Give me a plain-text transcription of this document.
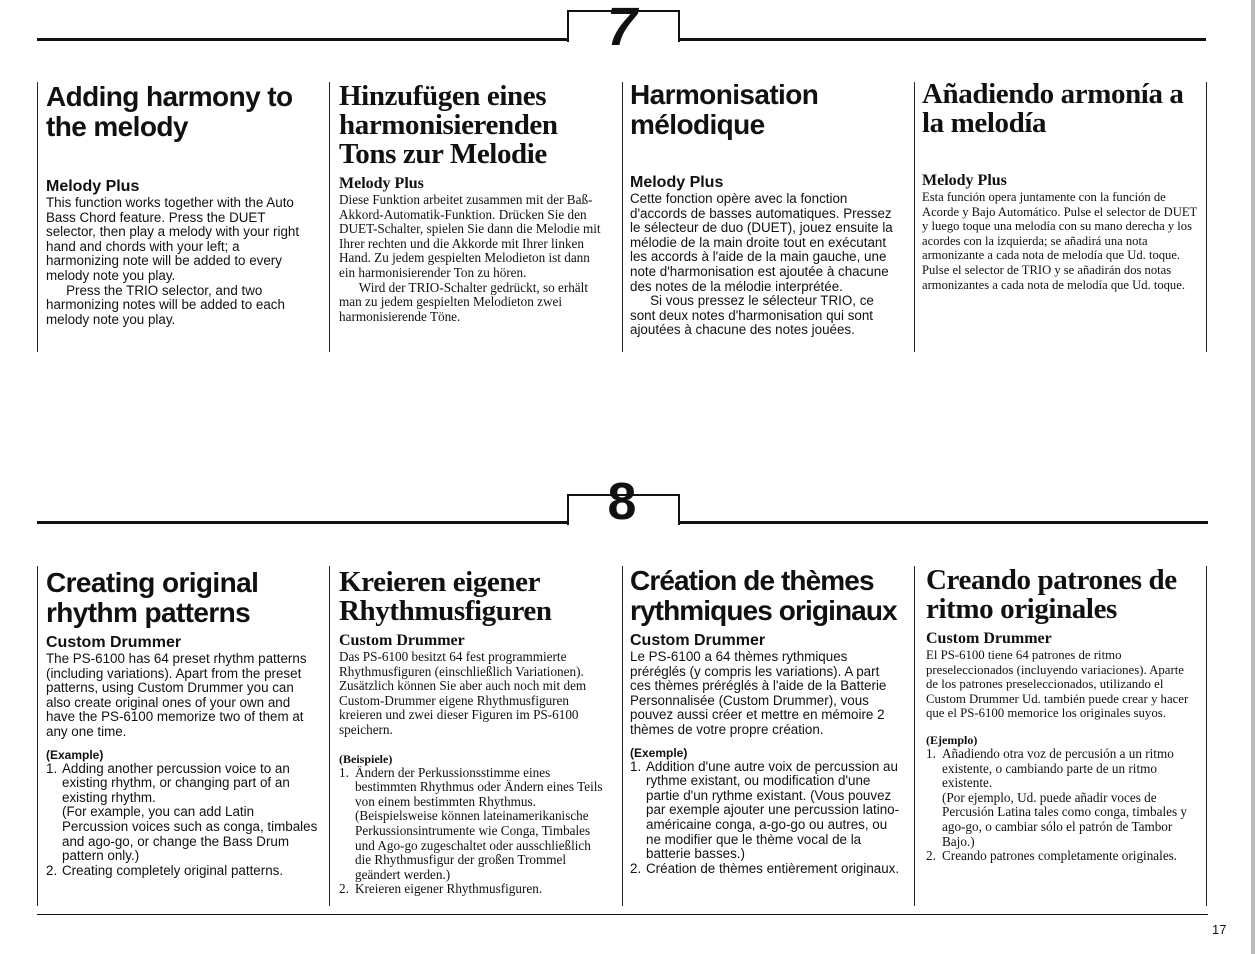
7
Adding harmony to the melody
Melody Plus

This function works together with the Auto Bass Chord feature. Press the DUET selector, then play a melody with your right hand and chords with your left; a harmonizing note will be added to every melody note you play.

Press the TRIO selector, and two harmonizing notes will be added to each melody note you play.

Hinzufügen eines harmonisierenden Tons zur Melodie
Melody Plus

Diese Funktion arbeitet zusammen mit der Baß-Akkord-Automatik-Funktion. Drücken Sie den DUET-Schalter, spielen Sie dann die Melodie mit Ihrer rechten und die Akkorde mit Ihrer linken Hand. Zu jedem gespielten Melodieton ist dann ein harmonisierender Ton zu hören.

Wird der TRIO-Schalter gedrückt, so erhält man zu jedem gespielten Melodieton zwei harmonisierende Töne.

Harmonisation mélodique
Melody Plus

Cette fonction opère avec la fonction d'accords de basses automatiques. Pressez le sélecteur de duo (DUET), jouez ensuite la mélodie de la main droite tout en exécutant les accords à l'aide de la main gauche, une note d'harmonisation est ajoutée à chacune des notes de la mélodie interprétée.

Si vous pressez le sélecteur TRIO, ce sont deux notes d'harmonisation qui sont ajoutées à chacune des notes jouées.

Añadiendo armonía a la melodía
Melody Plus

Esta función opera juntamente con la función de Acorde y Bajo Automático. Pulse el selector de DUET y luego toque una melodía con su mano derecha y los acordes con la izquierda; se añadirá una nota armonizante a cada nota de melodía que Ud. toque. Pulse el selector de TRIO y se añadirán dos notas armonizantes a cada nota de melodía que Ud. toque.

8
Creating original rhythm patterns
Custom Drummer

The PS-6100 has 64 preset rhythm patterns (including variations). Apart from the preset patterns, using Custom Drummer you can also create original ones of your own and have the PS-6100 memorize two of them at any one time.

(Example)
1. Adding another percussion voice to an existing rhythm, or changing part of an existing rhythm.
(For example, you can add Latin Percussion voices such as conga, timbales and ago-go, or change the Bass Drum pattern only.)
2. Creating completely original patterns.
Kreieren eigener Rhythmusfiguren
Custom Drummer

Das PS-6100 besitzt 64 fest programmierte Rhythmusfiguren (einschließlich Variationen). Zusätzlich können Sie aber auch noch mit dem Custom-Drummer eigene Rhythmusfiguren kreieren und zwei dieser Figuren im PS-6100 speichern.

(Beispiele)
1. Ändern der Perkussionsstimme eines bestimmten Rhythmus oder Ändern eines Teils von einem bestimmten Rhythmus. (Beispielsweise können lateinamerikanische Perkussionsintrumente wie Conga, Timbales und Ago-go zugeschaltet oder ausschließlich die Rhythmusfigur der großen Trommel geändert werden.)
2. Kreieren eigener Rhythmusfiguren.
Création de thèmes rythmiques originaux
Custom Drummer

Le PS-6100 a 64 thèmes rythmiques préréglés (y compris les variations). A part ces thèmes préréglés à l'aide de la Batterie Personnalisée (Custom Drummer), vous pouvez aussi créer et mettre en mémoire 2 thèmes de votre propre création.

(Exemple)
1. Addition d'une autre voix de percussion au rythme existant, ou modification d'une partie d'un rythme existant. (Vous pouvez par exemple ajouter une percussion latino-américaine conga, a-go-go ou autres, ou ne modifier que le thème vocal de la batterie basses.)
2. Création de thèmes entièrement originaux.
Creando patrones de ritmo originales
Custom Drummer

El PS-6100 tiene 64 patrones de ritmo preseleccionados (incluyendo variaciones). Aparte de los patrones preseleccionados, utilizando el Custom Drummer Ud. también puede crear y hacer que el PS-6100 memorice los originales suyos.

(Ejemplo)
1. Añadiendo otra voz de percusión a un ritmo existente, o cambiando parte de un ritmo existente.
(Por ejemplo, Ud. puede añadir voces de Percusión Latina tales como conga, timbales y ago-go, o cambiar sólo el patrón de Tambor Bajo.)
2. Creando patrones completamente originales.
17
